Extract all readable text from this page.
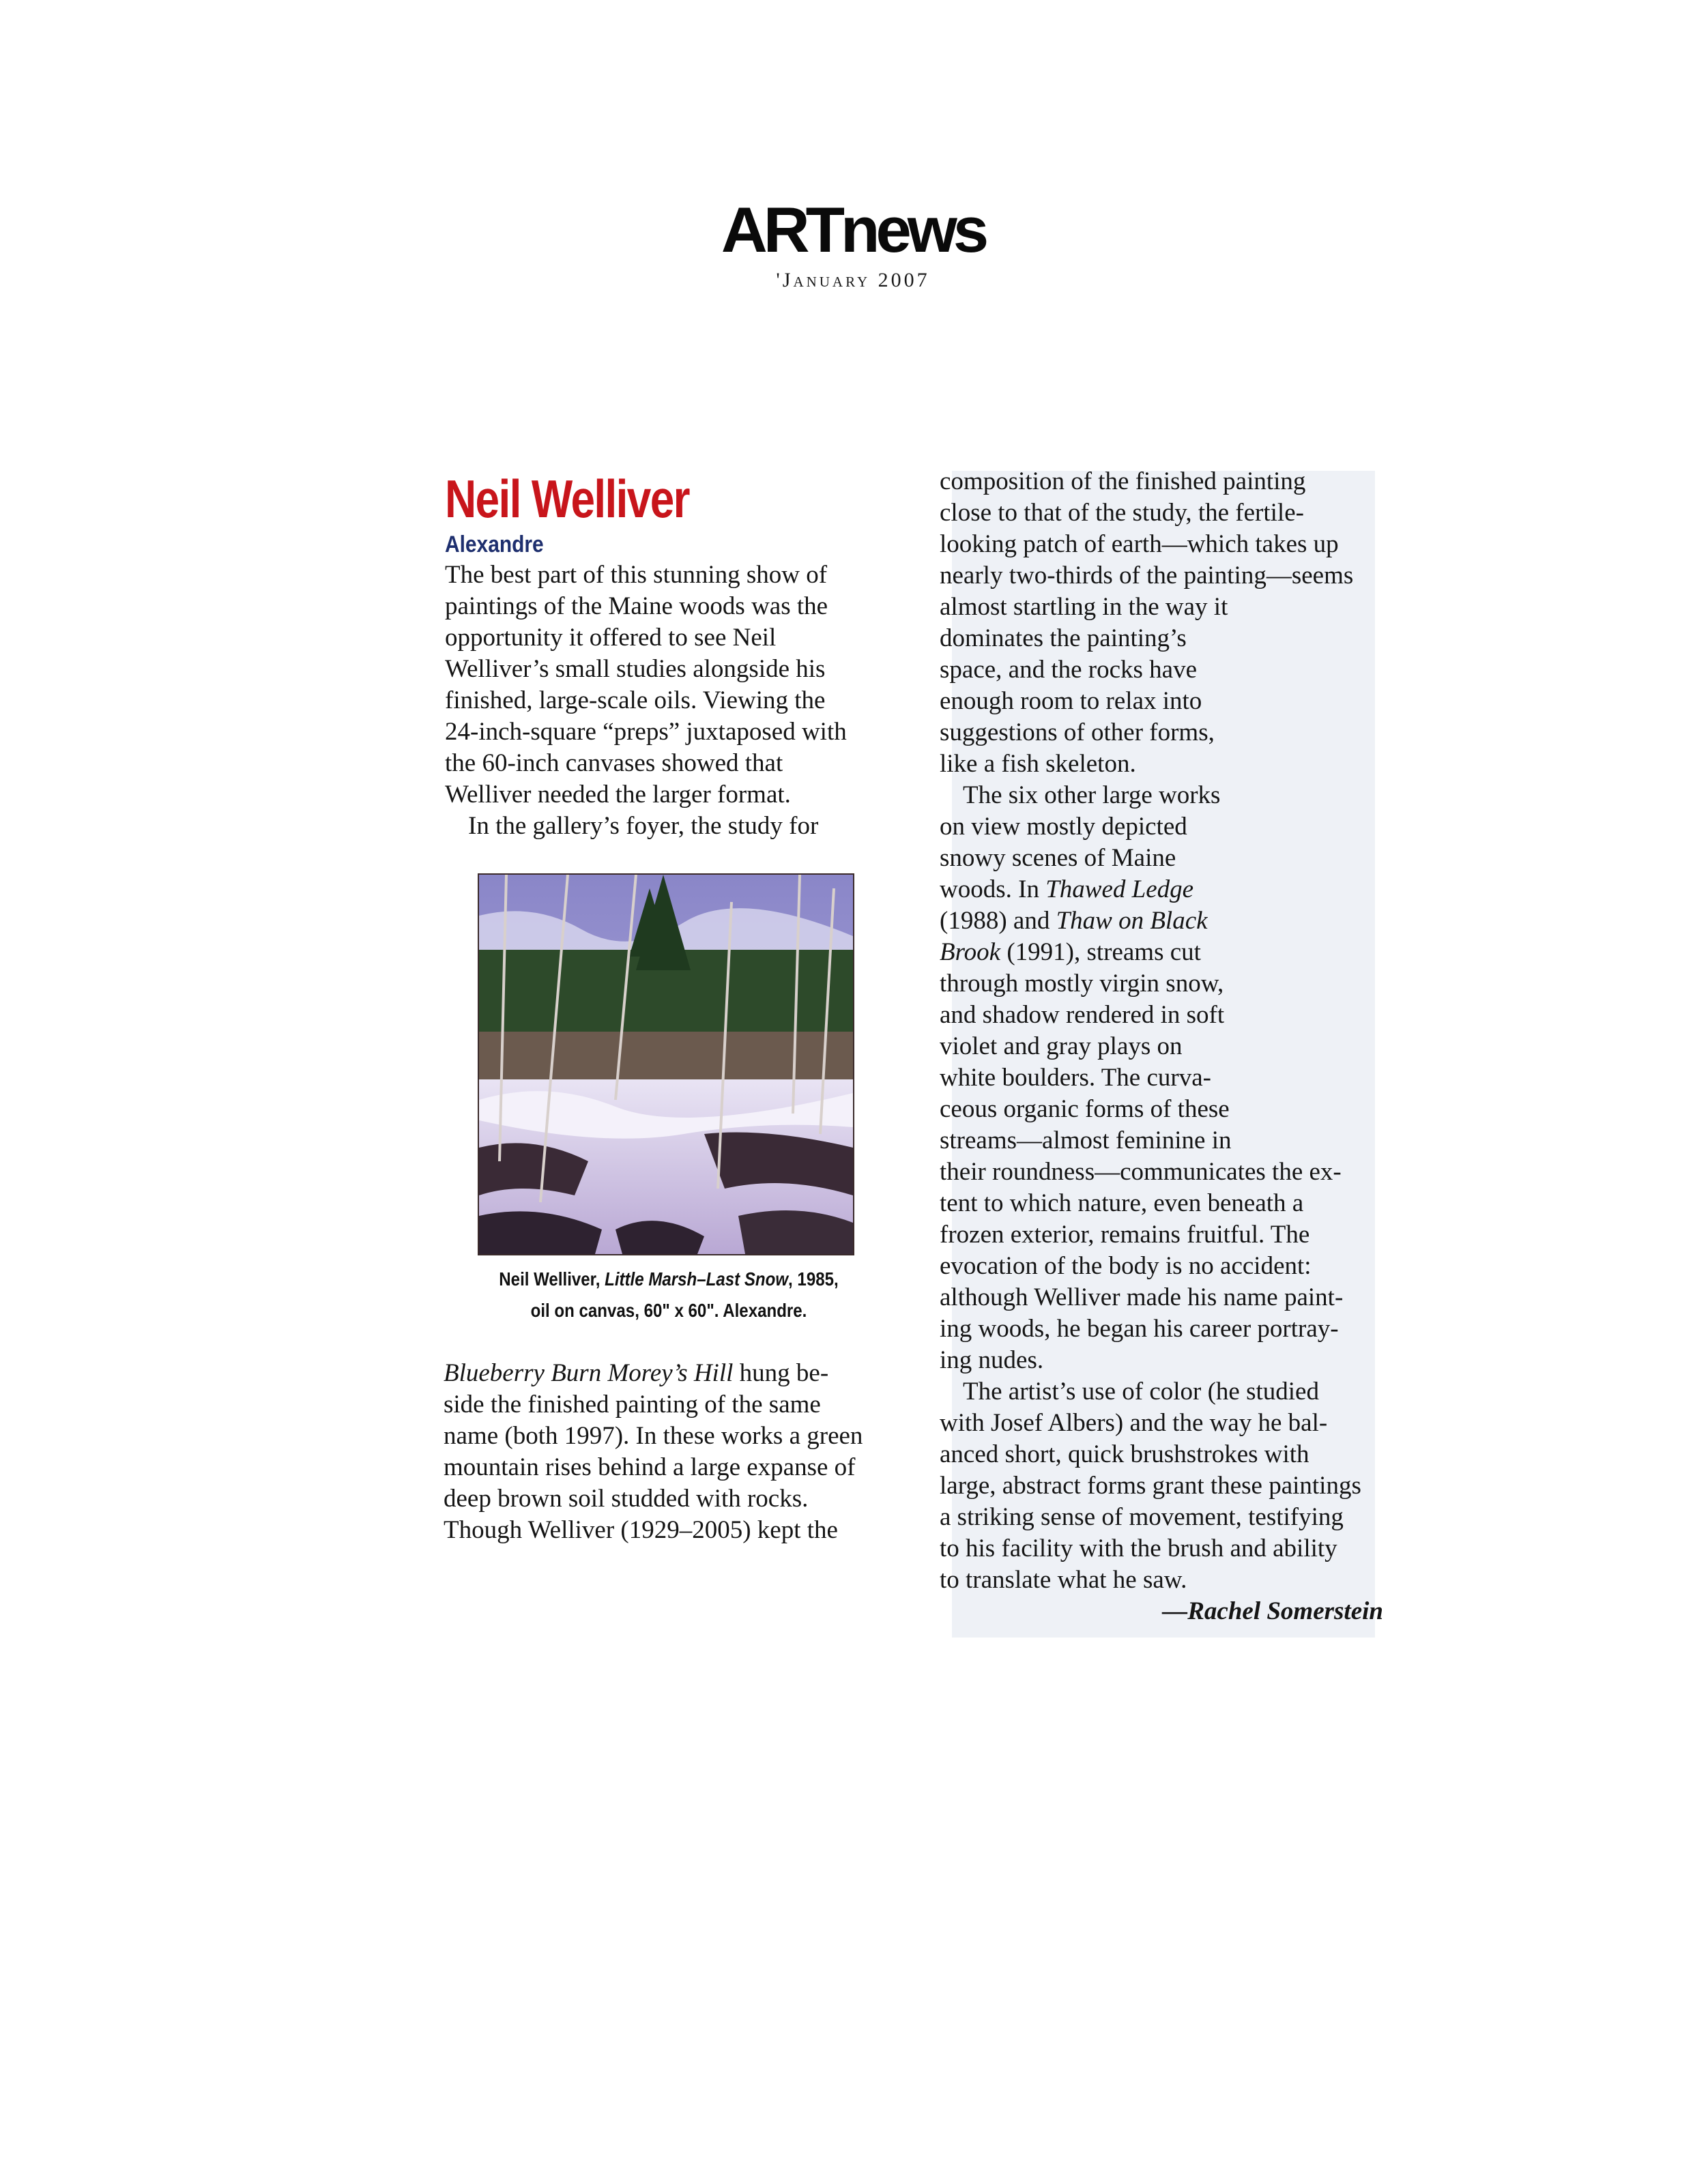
ARTnews
'January 2007
Neil Welliver
Alexandre

The best part of this stunning show of

paintings of the Maine woods was the

opportunity it offered to see Neil

Welliver’s small studies alongside his

finished, large-scale oils. Viewing the

24-inch-square “preps” juxtaposed with

the 60-inch canvases showed that

Welliver needed the larger format.

In the gallery’s foyer, the study for

Neil Welliver, Little Marsh–Last Snow, 1985,
oil on canvas, 60" x 60". Alexandre.

Blueberry Burn Morey’s Hill hung be-

side the finished painting of the same

name (both 1997). In these works a green

mountain rises behind a large expanse of

deep brown soil studded with rocks.

Though Welliver (1929–2005) kept the

composition of the finished painting

close to that of the study, the fertile-

looking patch of earth—which takes up

nearly two-thirds of the painting—seems

almost startling in the way it

dominates the painting’s

space, and the rocks have

enough room to relax into

suggestions of other forms,

like a fish skeleton.

The six other large works

on view mostly depicted

snowy scenes of Maine

woods. In Thawed Ledge

(1988) and Thaw on Black

Brook (1991), streams cut

through mostly virgin snow,

and shadow rendered in soft

violet and gray plays on

white boulders. The curva-

ceous organic forms of these

streams—almost feminine in

their roundness—communicates the ex-

tent to which nature, even beneath a

frozen exterior, remains fruitful. The

evocation of the body is no accident:

although Welliver made his name paint-

ing woods, he began his career portray-

ing nudes.

The artist’s use of color (he studied

with Josef Albers) and the way he bal-

anced short, quick brushstrokes with

large, abstract forms grant these paintings

a striking sense of movement, testifying

to his facility with the brush and ability

to translate what he saw.

—Rachel Somerstein
